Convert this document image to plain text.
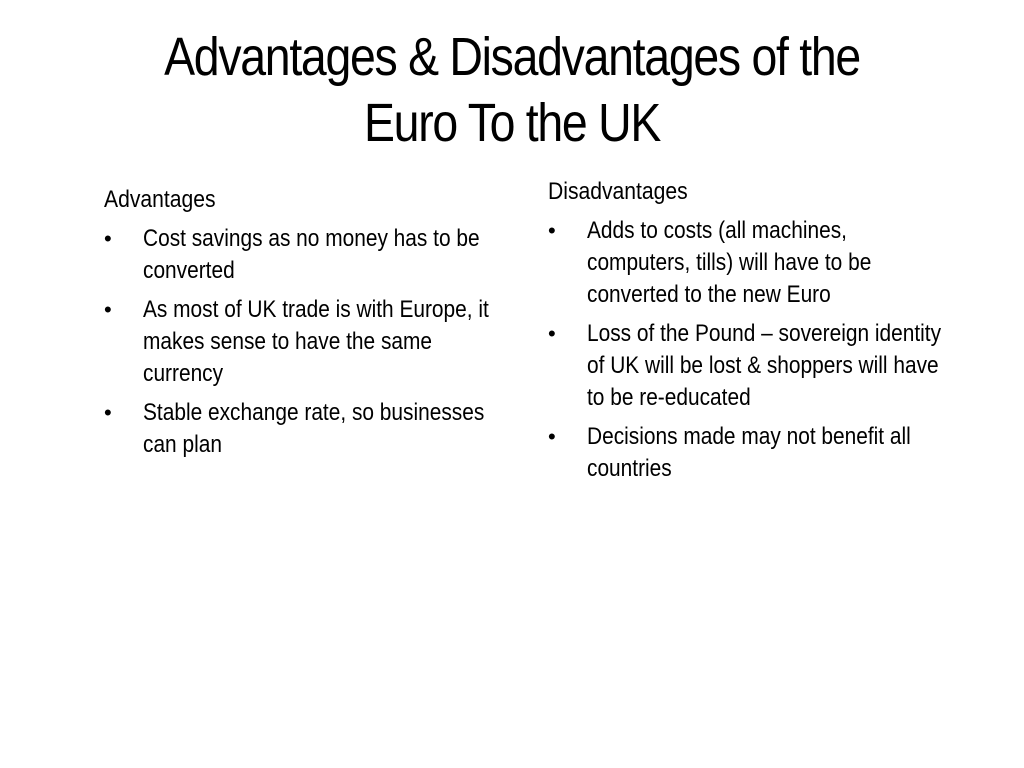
Advantages & Disadvantages of the Euro To the UK
Advantages
•	Cost savings as no money has to be converted
•	As most of UK trade is with Europe, it makes sense to have the same currency
•	Stable exchange rate, so businesses can plan
Disadvantages
•	Adds to costs (all machines, computers, tills) will have to be converted to the new Euro
•	Loss of the Pound – sovereign identity of UK will be lost & shoppers will have to be re-educated
•	Decisions made may not benefit all countries
